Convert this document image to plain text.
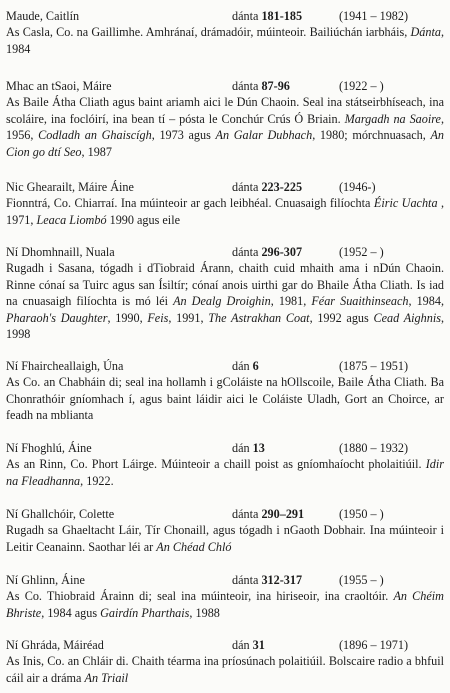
Maude, Caitlín	dánta 181-185	(1941 – 1982)
As Casla, Co. na Gaillimhe. Amhránaí, drámadóir, múinteoir. Bailiúchán iarbháis, Dánta, 1984
Mhac an tSaoi, Máire	dánta 87-96	(1922 – )
As Baile Átha Cliath agus baint ariamh aici le Dún Chaoin. Seal ina státseirbhíseach, ina scoláire, ina foclóirí, ina bean tí – pósta le Conchúr Crús Ó Briain. Margadh na Saoire, 1956, Codladh an Ghaiscígh, 1973 agus An Galar Dubhach, 1980; mórchnuasach, An Cion go dtí Seo, 1987
Nic Ghearailt, Máire Áine	dánta 223-225	(1946-)
Fionntrá, Co. Chiarraí. Ina múinteoir ar gach leibhéal. Cnuasaigh filíochta Éiric Uachta , 1971, Leaca Liombó 1990 agus eile
Ní Dhomhnaill, Nuala	dánta 296-307	(1952 – )
Rugadh i Sasana, tógadh i dTiobraid Árann, chaith cuid mhaith ama i nDún Chaoin. Rinne cónaí sa Tuirc agus san Ísiltír; cónaí anois uirthi gar do Bhaile Átha Cliath. Is iad na cnuasaigh filíochta is mó léi An Dealg Droighin, 1981, Féar Suaithinseach, 1984, Pharaoh's Daughter, 1990, Feis, 1991, The Astrakhan Coat, 1992 agus Cead Aighnis, 1998
Ní Fhaircheallaigh, Úna	dán 6	(1875 – 1951)
As Co. an Chabháin di; seal ina hollamh i gColáiste na hOllscoile, Baile Átha Cliath. Ba Chonrathóir gníomhach í, agus baint láidir aici le Coláiste Uladh, Gort an Choirce, ar feadh na mblianta
Ní Fhoghlú, Áine	dán 13	(1880 – 1932)
As an Rinn, Co. Phort Láirge. Múinteoir a chaill poist as gníomhaíocht pholaitiúil. Idir na Fleadhanna, 1922.
Ní Ghallchóir, Colette	dánta 290–291	(1950 – )
Rugadh sa Ghaeltacht Láir, Tír Chonaill, agus tógadh i nGaoth Dobhair. Ina múinteoir i Leitir Ceanainn. Saothar léi ar An Chéad Chló
Ní Ghlinn, Áine	dánta 312-317	(1955 – )
As Co. Thiobraid Árainn di; seal ina múinteoir, ina hiriseoir, ina craoltóir. An Chéim Bhriste, 1984 agus Gairdín Pharthais, 1988
Ní Ghráda, Máiréad	dán 31	(1896 – 1971)
As Inis, Co. an Chláir di. Chaith téarma ina príosúnach polaitiúil. Bolscaire radio a bhfuil cáil air a dráma An Triail
